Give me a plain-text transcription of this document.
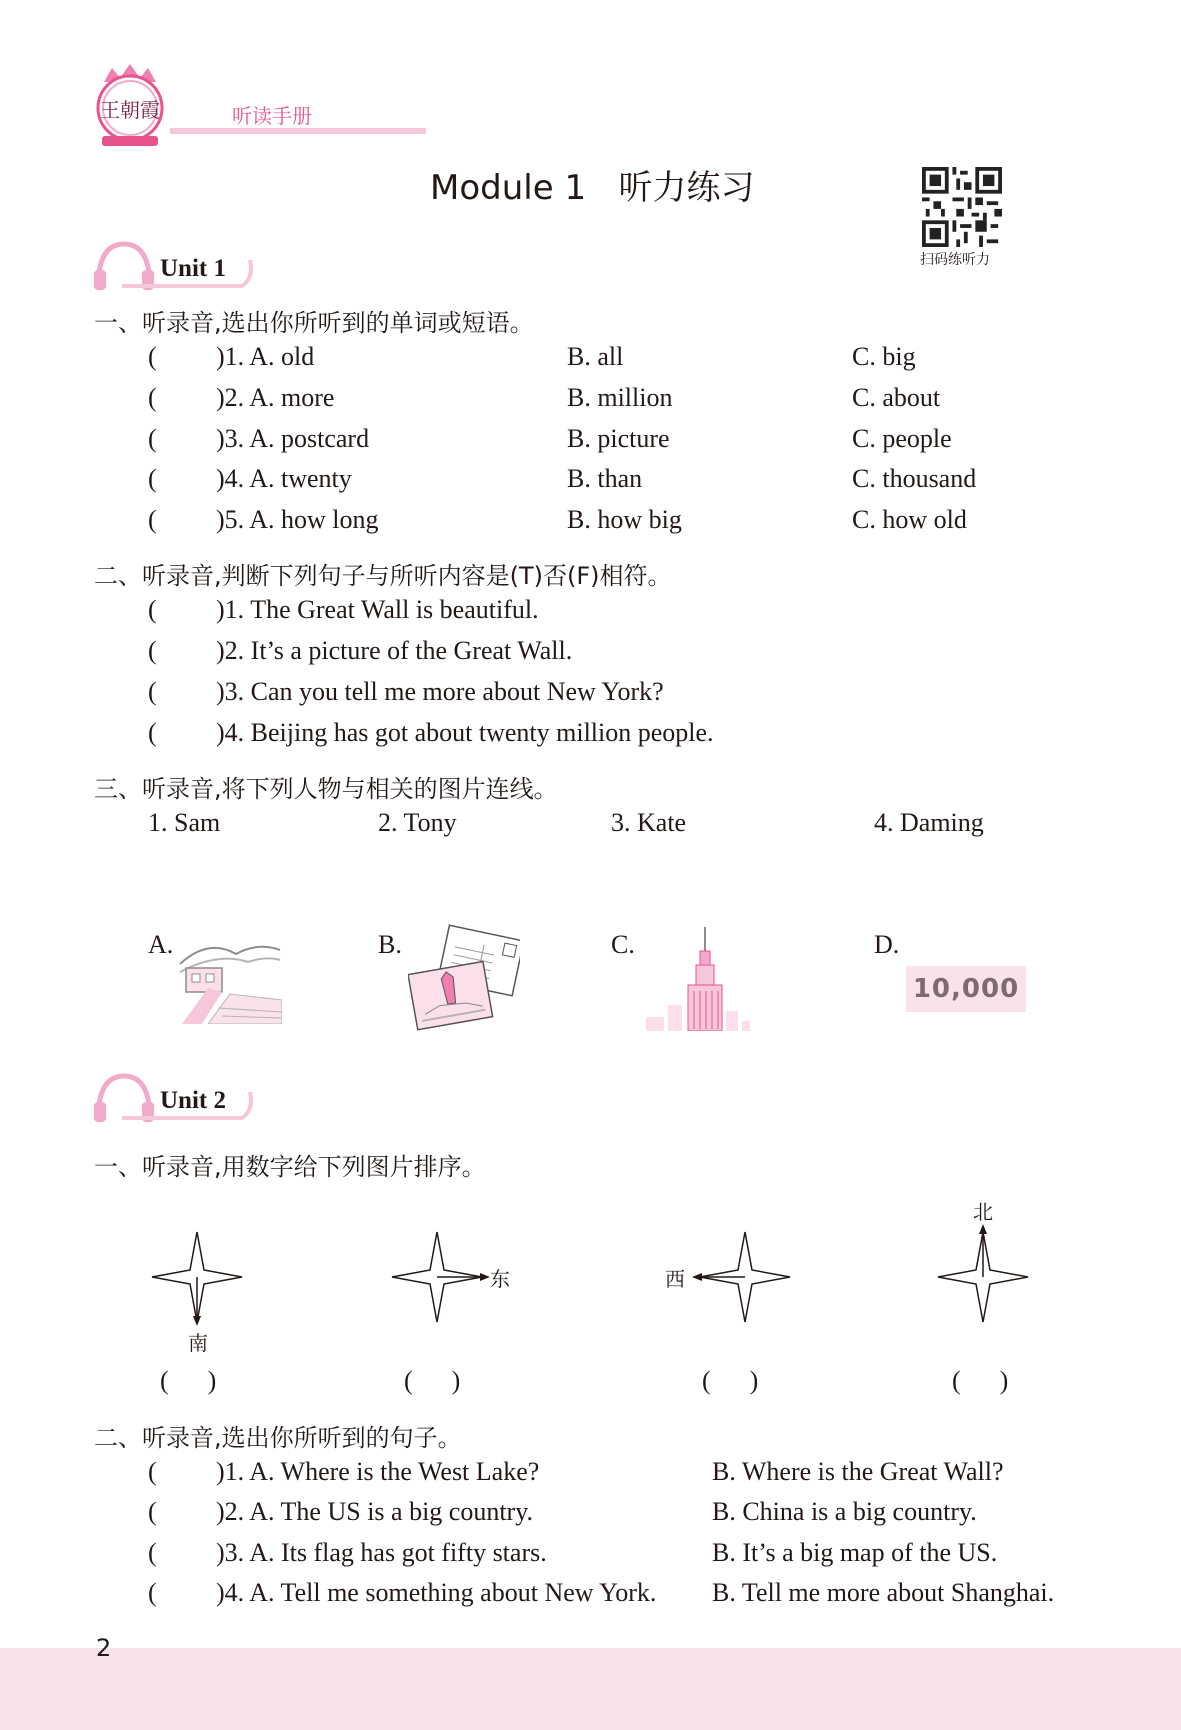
王朝霞	听读手册
Module 1   听力练习
扫码练听力
Unit 1
一、听录音,选出你所听到的单词或短语。
( )1. A. old	B. all	C. big
( )2. A. more	B. million	C. about
( )3. A. postcard	B. picture	C. people
( )4. A. twenty	B. than	C. thousand
( )5. A. how long	B. how big	C. how old
二、听录音,判断下列句子与所听内容是(T)否(F)相符。
( )1. The Great Wall is beautiful.
( )2. It’s a picture of the Great Wall.
( )3. Can you tell me more about New York?
( )4. Beijing has got about twenty million people.
三、听录音,将下列人物与相关的图片连线。
1. Sam	2. Tony	3. Kate	4. Daming
A.	B.	C.	D.
10,000
Unit 2
一、听录音,用数字给下列图片排序。
南
东	西
北
(      )	(      )	(      )	(      )
二、听录音,选出你所听到的句子。
( )1. A. Where is the West Lake?	B. Where is the Great Wall?
( )2. A. The US is a big country.	B. China is a big country.
( )3. A. Its flag has got fifty stars.	B. It’s a big map of the US.
( )4. A. Tell me something about New York. B. Tell me more about Shanghai.
2
